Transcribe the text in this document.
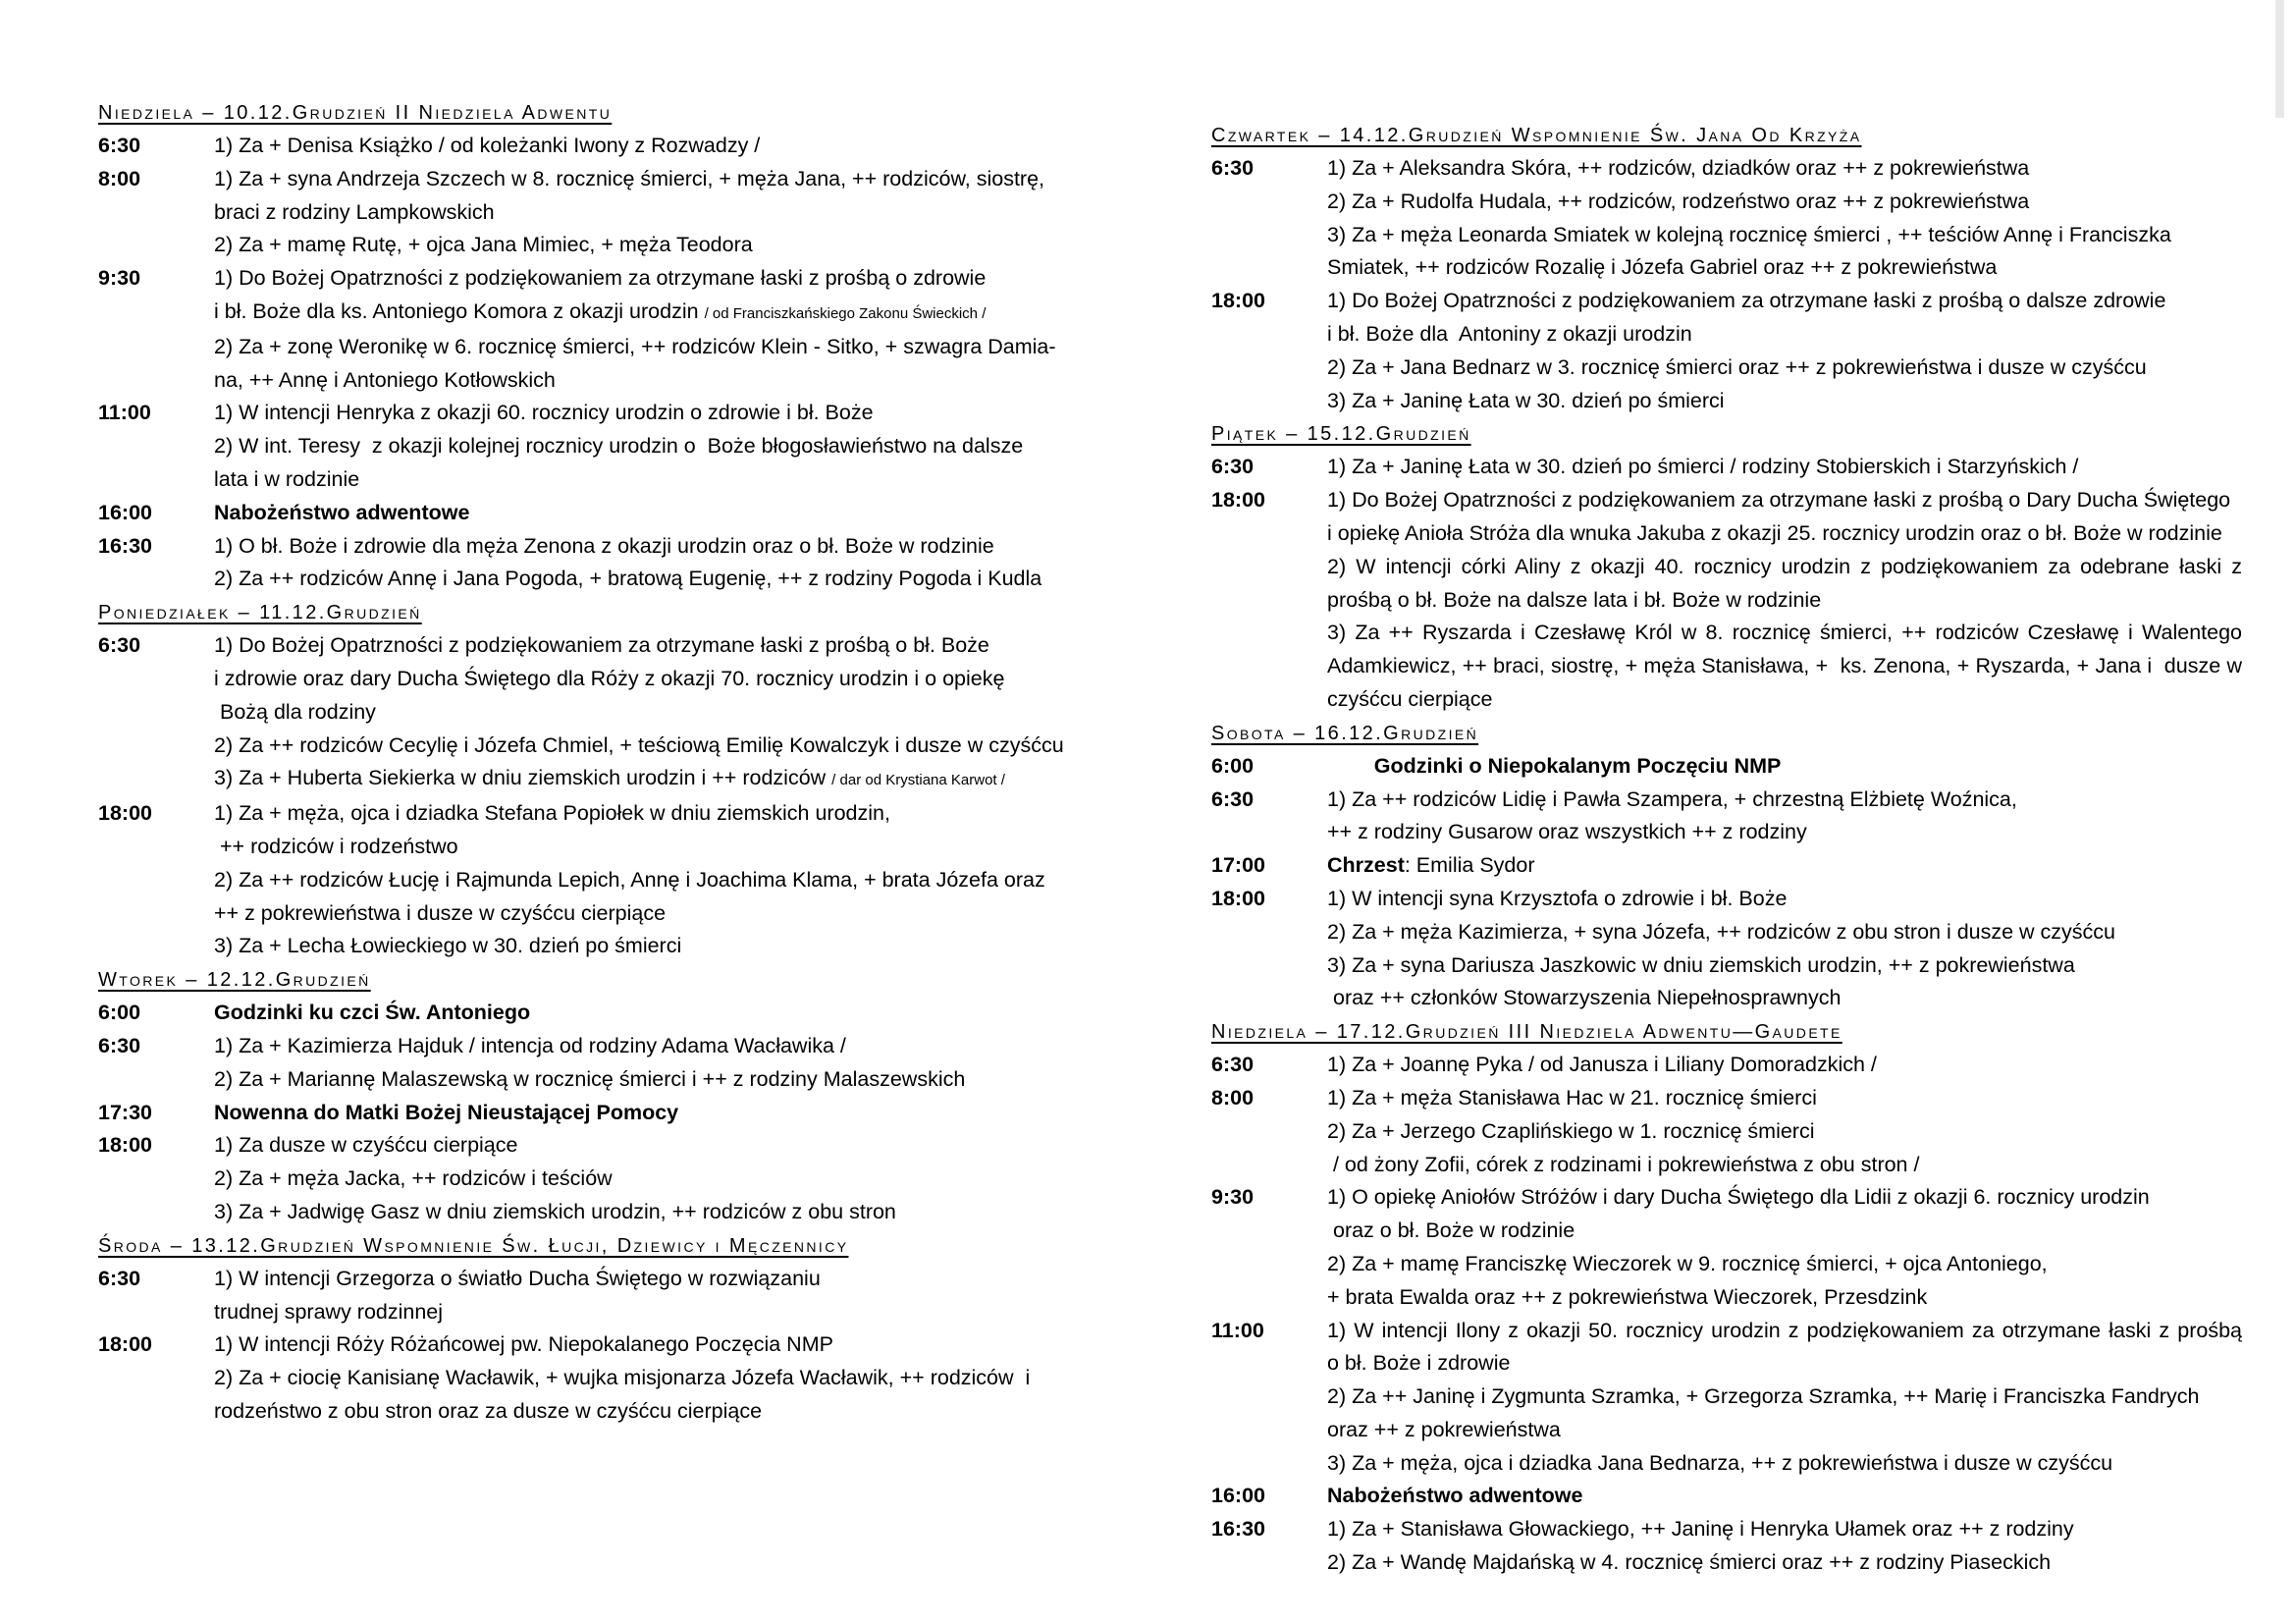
Niedziela – 10.12.Grudzień II Niedziela Adwentu
6:30	1) Za + Denisa Książko / od koleżanki Iwony z Rozwadzy /
8:00	1) Za + syna Andrzeja Szczech w 8. rocznicę śmierci, + męża Jana, ++ rodziców, siostrę,
braci z rodziny Lampkowskich
2) Za + mamę Rutę, + ojca Jana Mimiec, + męża Teodora
9:30	1) Do Bożej Opatrzności z podziękowaniem za otrzymane łaski z prośbą o zdrowie
i bł. Boże dla ks. Antoniego Komora z okazji urodzin / od Franciszkańskiego Zakonu Świeckich /
2) Za + zonę Weronikę w 6. rocznicę śmierci, ++ rodziców Klein - Sitko, + szwagra Damia-
na, ++ Annę i Antoniego Kotłowskich
11:00	1) W intencji Henryka z okazji 60. rocznicy urodzin o zdrowie i bł. Boże
2) W int. Teresy  z okazji kolejnej rocznicy urodzin o  Boże błogosławieństwo na dalsze
lata i w rodzinie
16:00	Nabożeństwo adwentowe
16:30	1) O bł. Boże i zdrowie dla męża Zenona z okazji urodzin oraz o bł. Boże w rodzinie
2) Za ++ rodziców Annę i Jana Pogoda, + bratową Eugenię, ++ z rodziny Pogoda i Kudla
Poniedziałek – 11.12.Grudzień
6:30	1) Do Bożej Opatrzności z podziękowaniem za otrzymane łaski z prośbą o bł. Boże
i zdrowie oraz dary Ducha Świętego dla Róży z okazji 70. rocznicy urodzin i o opiekę
Bożą dla rodziny
2) Za ++ rodziców Cecylię i Józefa Chmiel, + teściową Emilię Kowalczyk i dusze w czyśćcu
3) Za + Huberta Siekierka w dniu ziemskich urodzin i ++ rodziców / dar od Krystiana Karwot /
18:00	1) Za + męża, ojca i dziadka Stefana Popiołek w dniu ziemskich urodzin,
++ rodziców i rodzeństwo
2) Za ++ rodziców Łucję i Rajmunda Lepich, Annę i Joachima Klama, + brata Józefa oraz
++ z pokrewieństwa i dusze w czyśćcu cierpiące
3) Za + Lecha Łowieckiego w 30. dzień po śmierci
Wtorek – 12.12.Grudzień
6:00	Godzinki ku czci Św. Antoniego
6:30	1) Za + Kazimierza Hajduk / intencja od rodziny Adama Wacławika /
2) Za + Mariannę Malaszewską w rocznicę śmierci i ++ z rodziny Malaszewskich
17:30	Nowenna do Matki Bożej Nieustającej Pomocy
18:00	1) Za dusze w czyśćcu cierpiące
2) Za + męża Jacka, ++ rodziców i teściów
3) Za + Jadwigę Gasz w dniu ziemskich urodzin, ++ rodziców z obu stron
Środa – 13.12.Grudzień Wspomnienie Św. Łucji, Dziewicy i Męczennicy
6:30	1) W intencji Grzegorza o światło Ducha Świętego w rozwiązaniu
trudnej sprawy rodzinnej
18:00	1) W intencji Róży Różańcowej pw. Niepokalanego Poczęcia NMP
2) Za + ciocię Kanisianę Wacławik, + wujka misjonarza Józefa Wacławik, ++ rodziców  i
rodzeństwo z obu stron oraz za dusze w czyśćcu cierpiące
Czwartek – 14.12.Grudzień Wspomnienie Św. Jana Od Krzyża
6:30	1) Za + Aleksandra Skóra, ++ rodziców, dziadków oraz ++ z pokrewieństwa
2) Za + Rudolfa Hudala, ++ rodziców, rodzeństwo oraz ++ z pokrewieństwa
3) Za + męża Leonarda Smiatek w kolejną rocznicę śmierci , ++ teściów Annę i Franciszka
Smiatek, ++ rodziców Rozalię i Józefa Gabriel oraz ++ z pokrewieństwa
18:00	1) Do Bożej Opatrzności z podziękowaniem za otrzymane łaski z prośbą o dalsze zdrowie
i bł. Boże dla  Antoniny z okazji urodzin
2) Za + Jana Bednarz w 3. rocznicę śmierci oraz ++ z pokrewieństwa i dusze w czyśćcu
3) Za + Janinę Łata w 30. dzień po śmierci
Piątek – 15.12.Grudzień
6:30	1) Za + Janinę Łata w 30. dzień po śmierci / rodziny Stobierskich i Starzyńskich /
18:00	1) Do Bożej Opatrzności z podziękowaniem za otrzymane łaski z prośbą o Dary Ducha Świętego
i opiekę Anioła Stróża dla wnuka Jakuba z okazji 25. rocznicy urodzin oraz o bł. Boże w rodzinie
2) W intencji córki Aliny z okazji 40. rocznicy urodzin z podziękowaniem za odebrane łaski z
prośbą o bł. Boże na dalsze lata i bł. Boże w rodzinie
3) Za ++ Ryszarda i Czesławę Król w 8. rocznicę śmierci, ++ rodziców Czesławę i Walentego
Adamkiewicz, ++ braci, siostrę, + męża Stanisława, +  ks. Zenona, + Ryszarda, + Jana i  dusze w
czyśćcu cierpiące
Sobota – 16.12.Grudzień
6:00	Godzinki o Niepokalanym Poczęciu NMP
6:30	1) Za ++ rodziców Lidię i Pawła Szampera, + chrzestną Elżbietę Woźnica,
++ z rodziny Gusarow oraz wszystkich ++ z rodziny
17:00	Chrzest: Emilia Sydor
18:00	1) W intencji syna Krzysztofa o zdrowie i bł. Boże
2) Za + męża Kazimierza, + syna Józefa, ++ rodziców z obu stron i dusze w czyśćcu
3) Za + syna Dariusza Jaszkowic w dniu ziemskich urodzin, ++ z pokrewieństwa
oraz ++ członków Stowarzyszenia Niepełnosprawnych
Niedziela – 17.12.Grudzień III Niedziela Adwentu—Gaudete
6:30	1) Za + Joannę Pyka / od Janusza i Liliany Domoradzkich /
8:00	1) Za + męża Stanisława Hac w 21. rocznicę śmierci
2) Za + Jerzego Czaplińskiego w 1. rocznicę śmierci
/ od żony Zofii, córek z rodzinami i pokrewieństwa z obu stron /
9:30	1) O opiekę Aniołów Stróżów i dary Ducha Świętego dla Lidii z okazji 6. rocznicy urodzin
oraz o bł. Boże w rodzinie
2) Za + mamę Franciszkę Wieczorek w 9. rocznicę śmierci, + ojca Antoniego,
+ brata Ewalda oraz ++ z pokrewieństwa Wieczorek, Przesdzink
11:00	1) W intencji Ilony z okazji 50. rocznicy urodzin z podziękowaniem za otrzymane łaski z prośbą
o bł. Boże i zdrowie
2) Za ++ Janinę i Zygmunta Szramka, + Grzegorza Szramka, ++ Marię i Franciszka Fandrych
oraz ++ z pokrewieństwa
3) Za + męża, ojca i dziadka Jana Bednarza, ++ z pokrewieństwa i dusze w czyśćcu
16:00	Nabożeństwo adwentowe
16:30	1) Za + Stanisława Głowackiego, ++ Janinę i Henryka Ułamek oraz ++ z rodziny
2) Za + Wandę Majdańską w 4. rocznicę śmierci oraz ++ z rodziny Piaseckich
